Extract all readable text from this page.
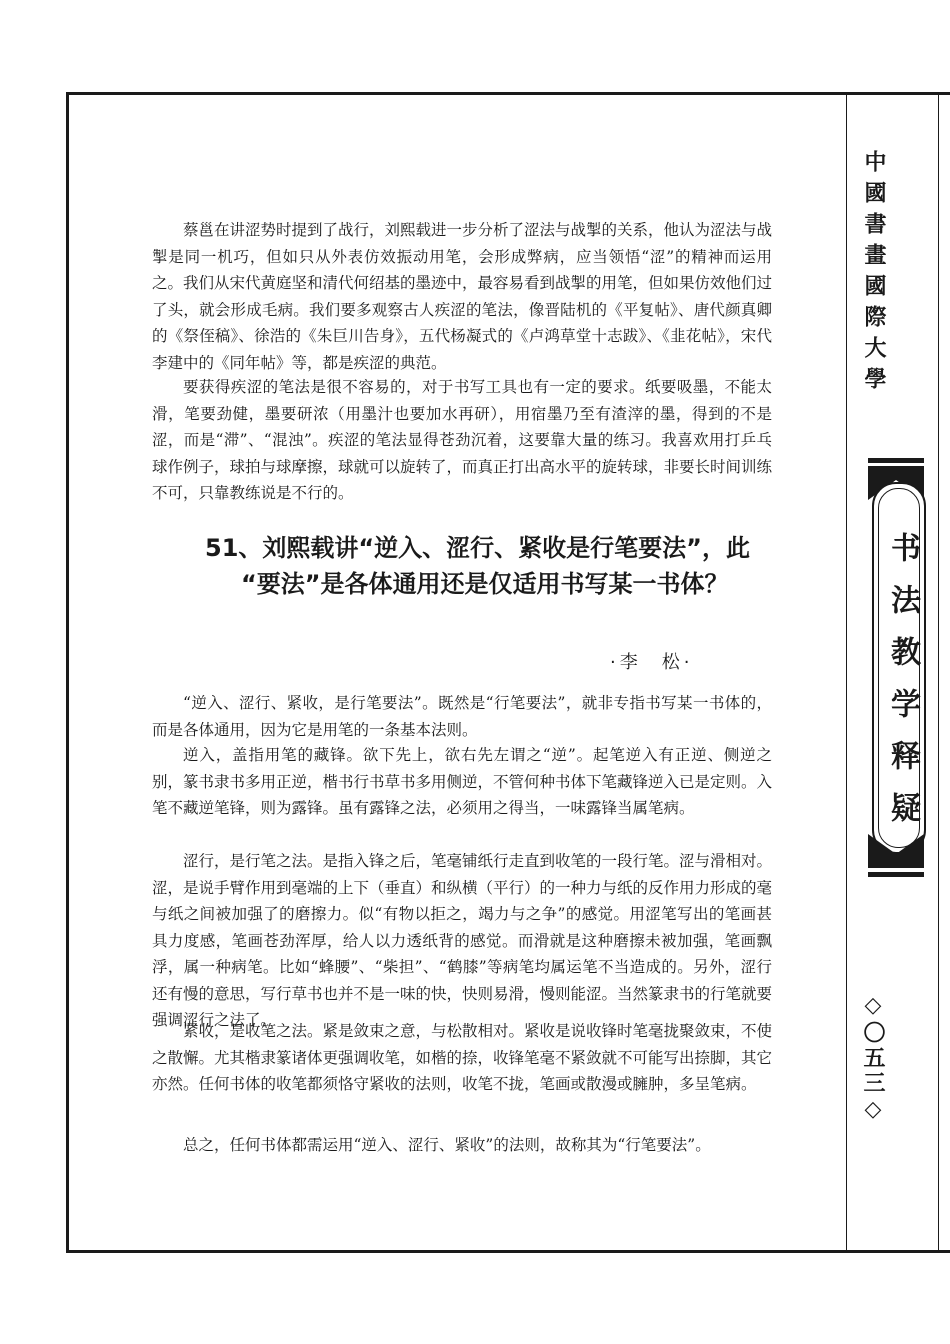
中國書畫國際大學
书法教学释疑
◇〇五三◇

蔡邕在讲涩势时提到了战行，刘熙载进一步分析了涩法与战掣的关系，他认为涩法与战掣是同一机巧，但如只从外表仿效振动用笔，会形成弊病，应当领悟“涩”的精神而运用之。我们从宋代黄庭坚和清代何绍基的墨迹中，最容易看到战掣的用笔，但如果仿效他们过了头，就会形成毛病。我们要多观察古人疾涩的笔法，像晋陆机的《平复帖》、唐代颜真卿的《祭侄稿》、徐浩的《朱巨川告身》，五代杨凝式的《卢鸿草堂十志跋》、《韭花帖》，宋代李建中的《同年帖》等，都是疾涩的典范。

要获得疾涩的笔法是很不容易的，对于书写工具也有一定的要求。纸要吸墨，不能太滑，笔要劲健，墨要研浓（用墨汁也要加水再研），用宿墨乃至有渣滓的墨，得到的不是涩，而是“滞”、“混浊”。疾涩的笔法显得苍劲沉着，这要靠大量的练习。我喜欢用打乒乓球作例子，球拍与球摩擦，球就可以旋转了，而真正打出高水平的旋转球，非要长时间训练不可，只靠教练说是不行的。

51、刘熙载讲“逆入、涩行、紧收是行笔要法”，此
“要法”是各体通用还是仅适用书写某一书体？
·李 松·

“逆入、涩行、紧收，是行笔要法”。既然是“行笔要法”，就非专指书写某一书体的，而是各体通用，因为它是用笔的一条基本法则。

逆入，盖指用笔的藏锋。欲下先上，欲右先左谓之“逆”。起笔逆入有正逆、侧逆之别，篆书隶书多用正逆，楷书行书草书多用侧逆，不管何种书体下笔藏锋逆入已是定则。入笔不藏逆笔锋，则为露锋。虽有露锋之法，必须用之得当，一味露锋当属笔病。

涩行，是行笔之法。是指入锋之后，笔毫铺纸行走直到收笔的一段行笔。涩与滑相对。涩，是说手臂作用到毫端的上下（垂直）和纵横（平行）的一种力与纸的反作用力形成的毫与纸之间被加强了的磨擦力。似“有物以拒之，竭力与之争”的感觉。用涩笔写出的笔画甚具力度感，笔画苍劲浑厚，给人以力透纸背的感觉。而滑就是这种磨擦未被加强，笔画飘浮，属一种病笔。比如“蜂腰”、“柴担”、“鹤膝”等病笔均属运笔不当造成的。另外，涩行还有慢的意思，写行草书也并不是一味的快，快则易滑，慢则能涩。当然篆隶书的行笔就要强调涩行之法了。

紧收，是收笔之法。紧是敛束之意，与松散相对。紧收是说收锋时笔毫拢聚敛束，不使之散懈。尤其楷隶篆诸体更强调收笔，如楷的捺，收锋笔毫不紧敛就不可能写出捺脚，其它亦然。任何书体的收笔都须恪守紧收的法则，收笔不拢，笔画或散漫或臃肿，多呈笔病。

总之，任何书体都需运用“逆入、涩行、紧收”的法则，故称其为“行笔要法”。
